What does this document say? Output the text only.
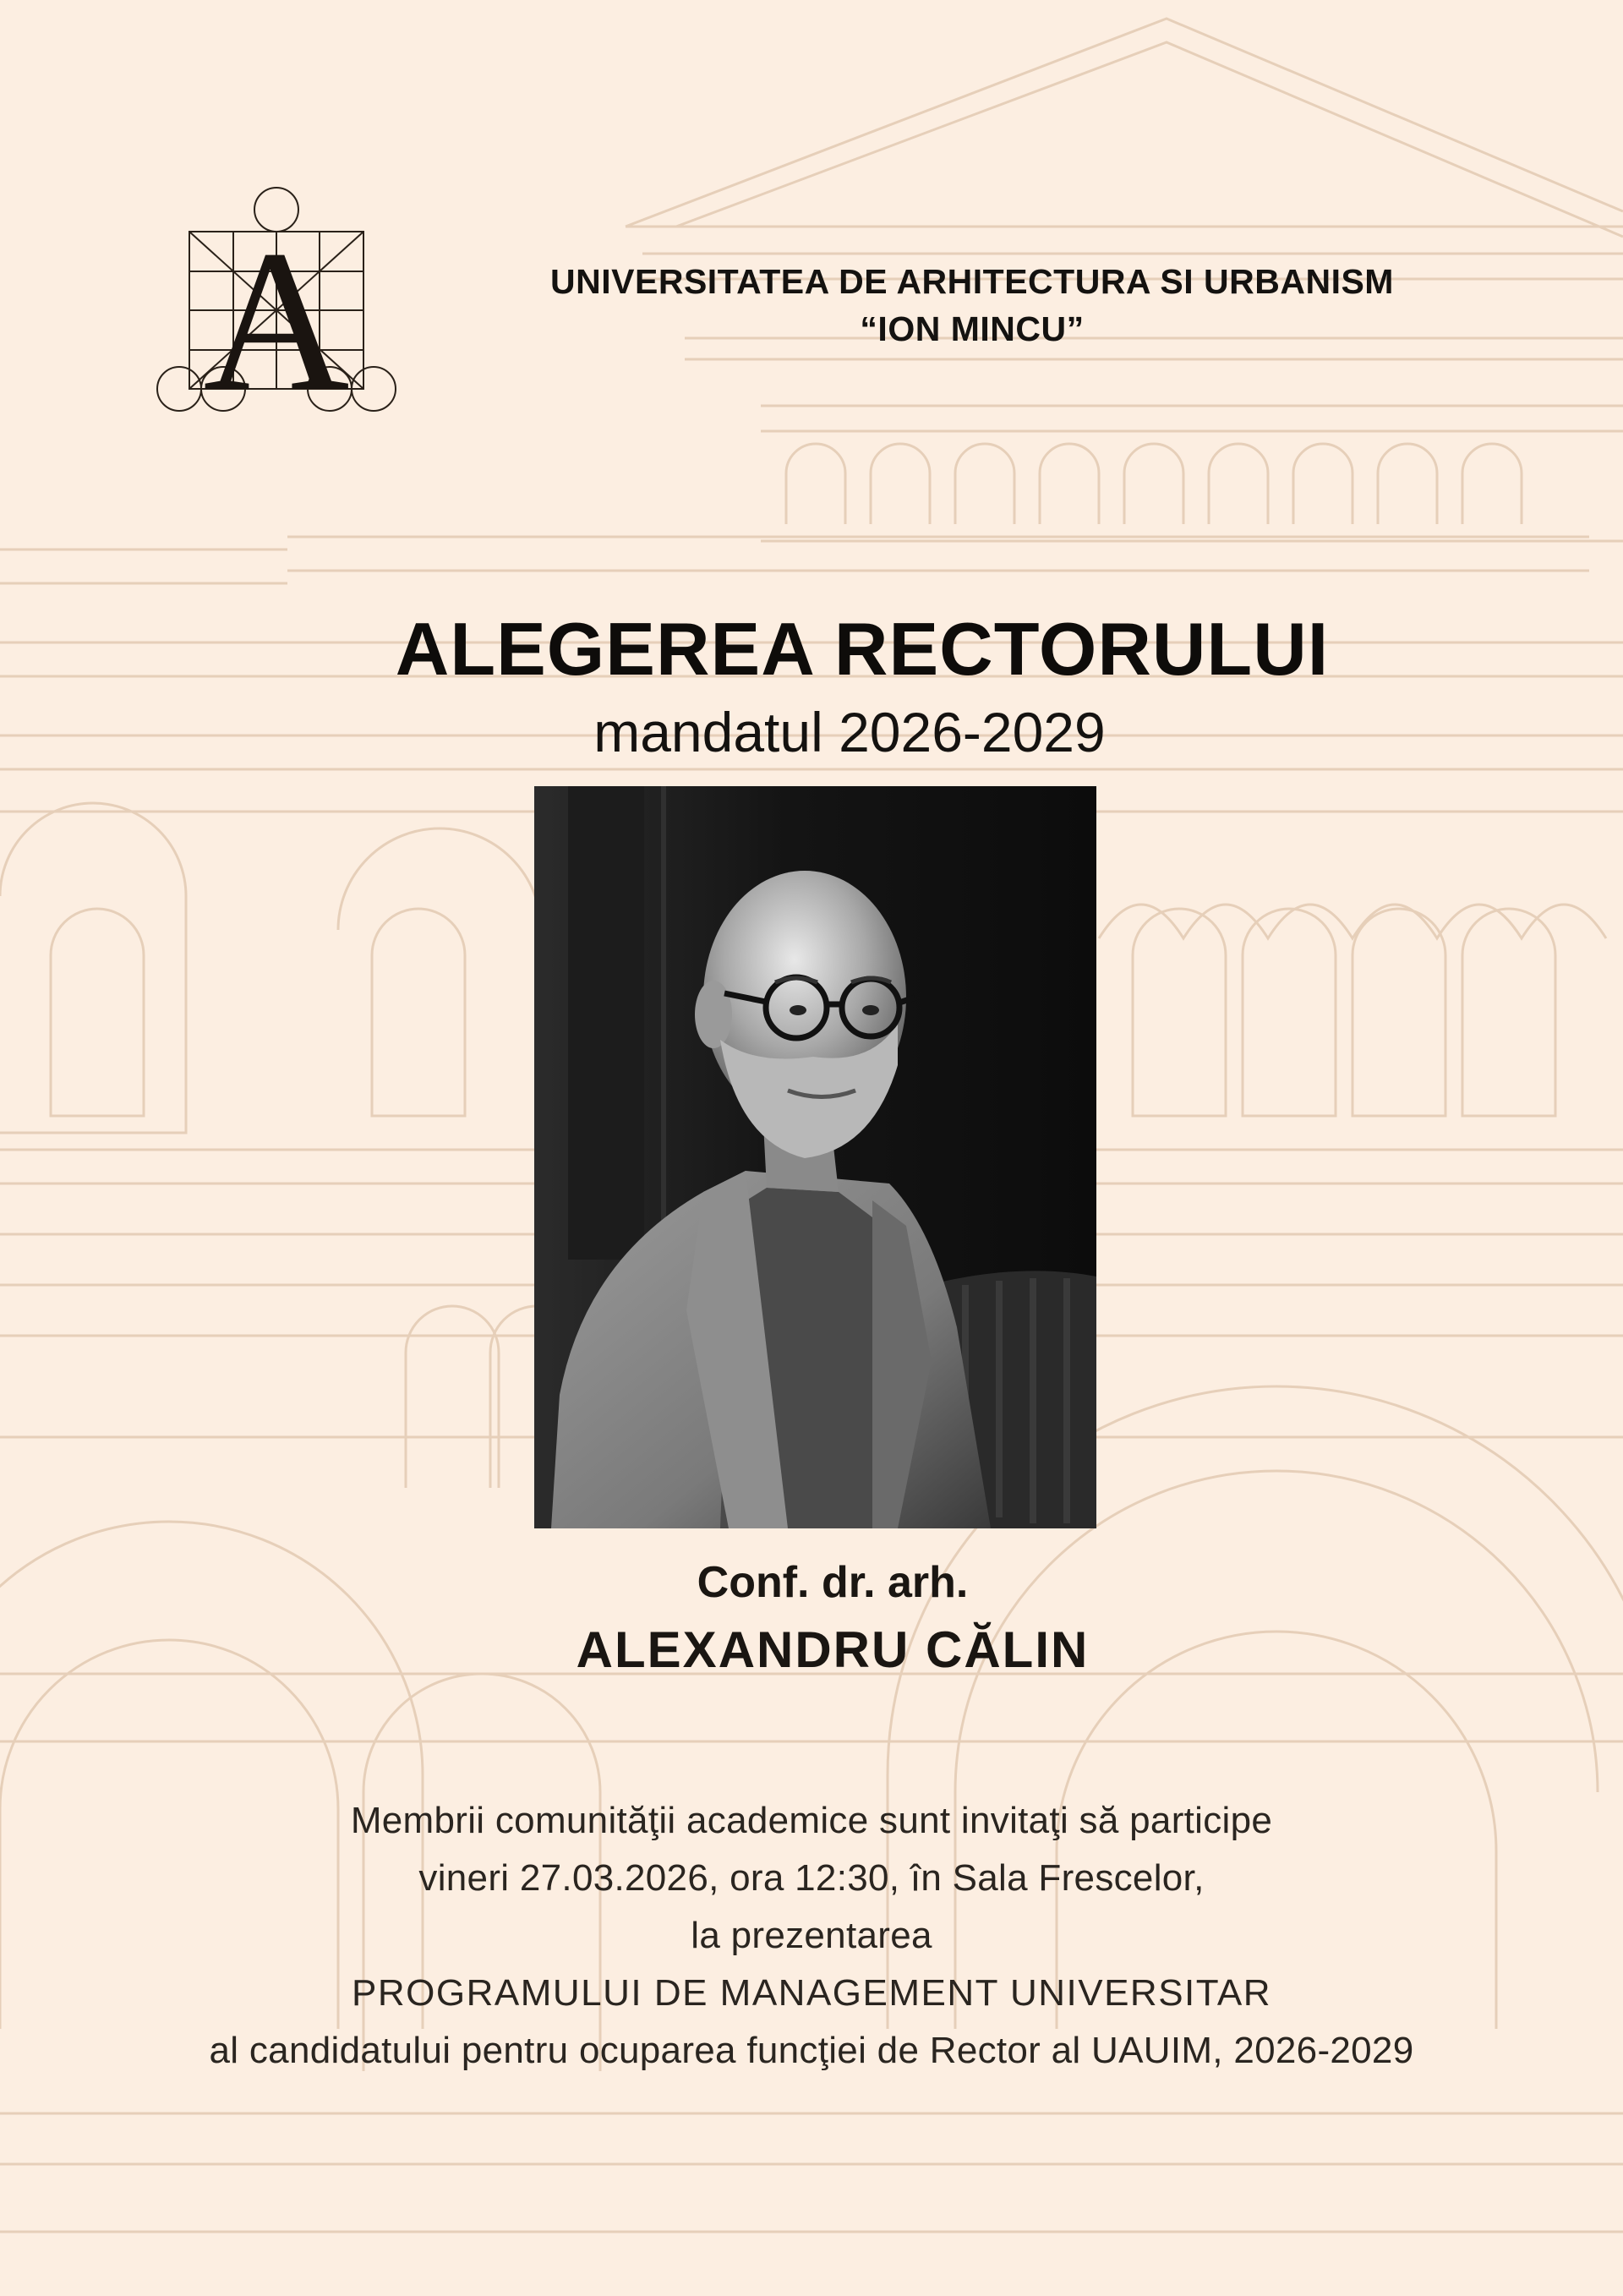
A	UNIVERSITATEA DE ARHITECTURA SI URBANISM
“ION MINCU”
ALEGEREA RECTORULUI
mandatul 2026-2029
Conf. dr. arh.
ALEXANDRU CĂLIN
Membrii comunităţii academice sunt invitaţi să participe
vineri 27.03.2026, ora 12:30, în Sala Frescelor,
la prezentarea
PROGRAMULUI DE MANAGEMENT UNIVERSITAR
al candidatului pentru ocuparea funcţiei de Rector al UAUIM, 2026-2029
